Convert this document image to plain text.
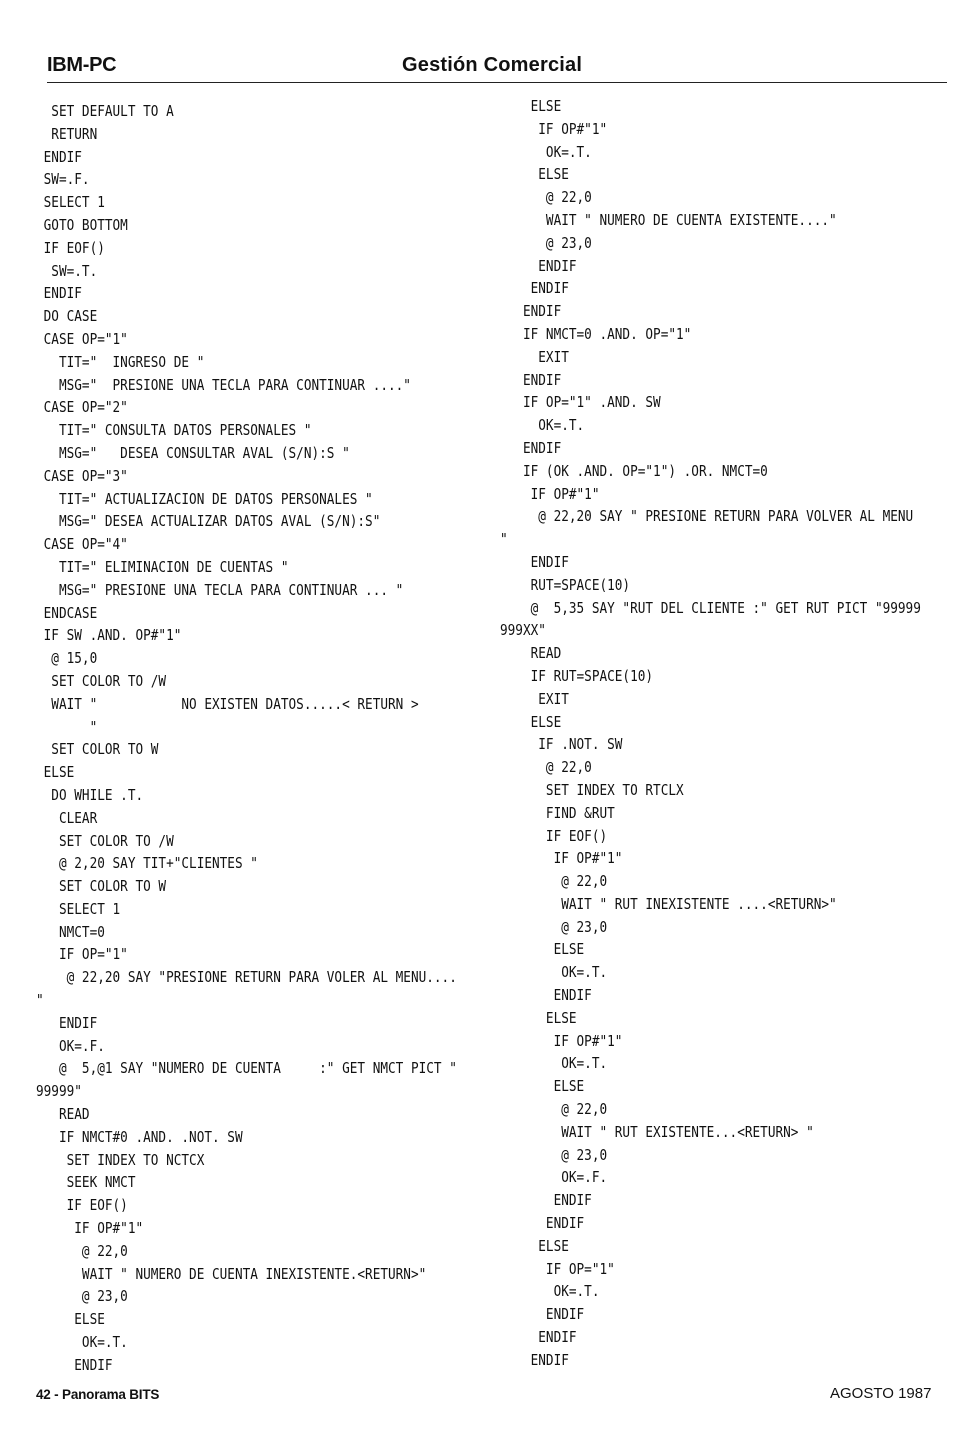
IBM-PC	Gestión Comercial
SET DEFAULT TO A
RETURN
ENDIF
SW=.F.
SELECT 1
GOTO BOTTOM
IF EOF()
SW=.T.
ENDIF
DO CASE
CASE OP="1"
TIT="  INGRESO DE "
MSG="  PRESIONE UNA TECLA PARA CONTINUAR ...."
CASE OP="2"
TIT=" CONSULTA DATOS PERSONALES "
MSG="   DESEA CONSULTAR AVAL (S/N):S "
CASE OP="3"
TIT=" ACTUALIZACION DE DATOS PERSONALES "
MSG=" DESEA ACTUALIZAR DATOS AVAL (S/N):S"
CASE OP="4"
TIT=" ELIMINACION DE CUENTAS "
MSG=" PRESIONE UNA TECLA PARA CONTINUAR ... "
ENDCASE
IF SW .AND. OP#"1"
@ 15,0
SET COLOR TO /W
WAIT "           NO EXISTEN DATOS.....< RETURN >
"
SET COLOR TO W
ELSE
DO WHILE .T.
CLEAR
SET COLOR TO /W
@ 2,20 SAY TIT+"CLIENTES "
SET COLOR TO W
SELECT 1
NMCT=0
IF OP="1"
@ 22,20 SAY "PRESIONE RETURN PARA VOLER AL MENU....
"
ENDIF
OK=.F.
@  5,@1 SAY "NUMERO DE CUENTA     :" GET NMCT PICT "
99999"
READ
IF NMCT#0 .AND. .NOT. SW
SET INDEX TO NCTCX
SEEK NMCT
IF EOF()
IF OP#"1"
@ 22,0
WAIT " NUMERO DE CUENTA INEXISTENTE.<RETURN>"
@ 23,0
ELSE
OK=.T.
ENDIF
ELSE
IF OP#"1"
OK=.T.
ELSE
@ 22,0
WAIT " NUMERO DE CUENTA EXISTENTE...."
@ 23,0
ENDIF
ENDIF
ENDIF
IF NMCT=0 .AND. OP="1"
EXIT
ENDIF
IF OP="1" .AND. SW
OK=.T.
ENDIF
IF (OK .AND. OP="1") .OR. NMCT=0
IF OP#"1"
@ 22,20 SAY " PRESIONE RETURN PARA VOLVER AL MENU
"
ENDIF
RUT=SPACE(10)
@  5,35 SAY "RUT DEL CLIENTE :" GET RUT PICT "99999
999XX"
READ
IF RUT=SPACE(10)
EXIT
ELSE
IF .NOT. SW
@ 22,0
SET INDEX TO RTCLX
FIND &RUT
IF EOF()
IF OP#"1"
@ 22,0
WAIT " RUT INEXISTENTE ....<RETURN>"
@ 23,0
ELSE
OK=.T.
ENDIF
ELSE
IF OP#"1"
OK=.T.
ELSE
@ 22,0
WAIT " RUT EXISTENTE...<RETURN> "
@ 23,0
OK=.F.
ENDIF
ENDIF
ELSE
IF OP="1"
OK=.T.
ENDIF
ENDIF
ENDIF
42 - Panorama BITS	AGOSTO 1987
